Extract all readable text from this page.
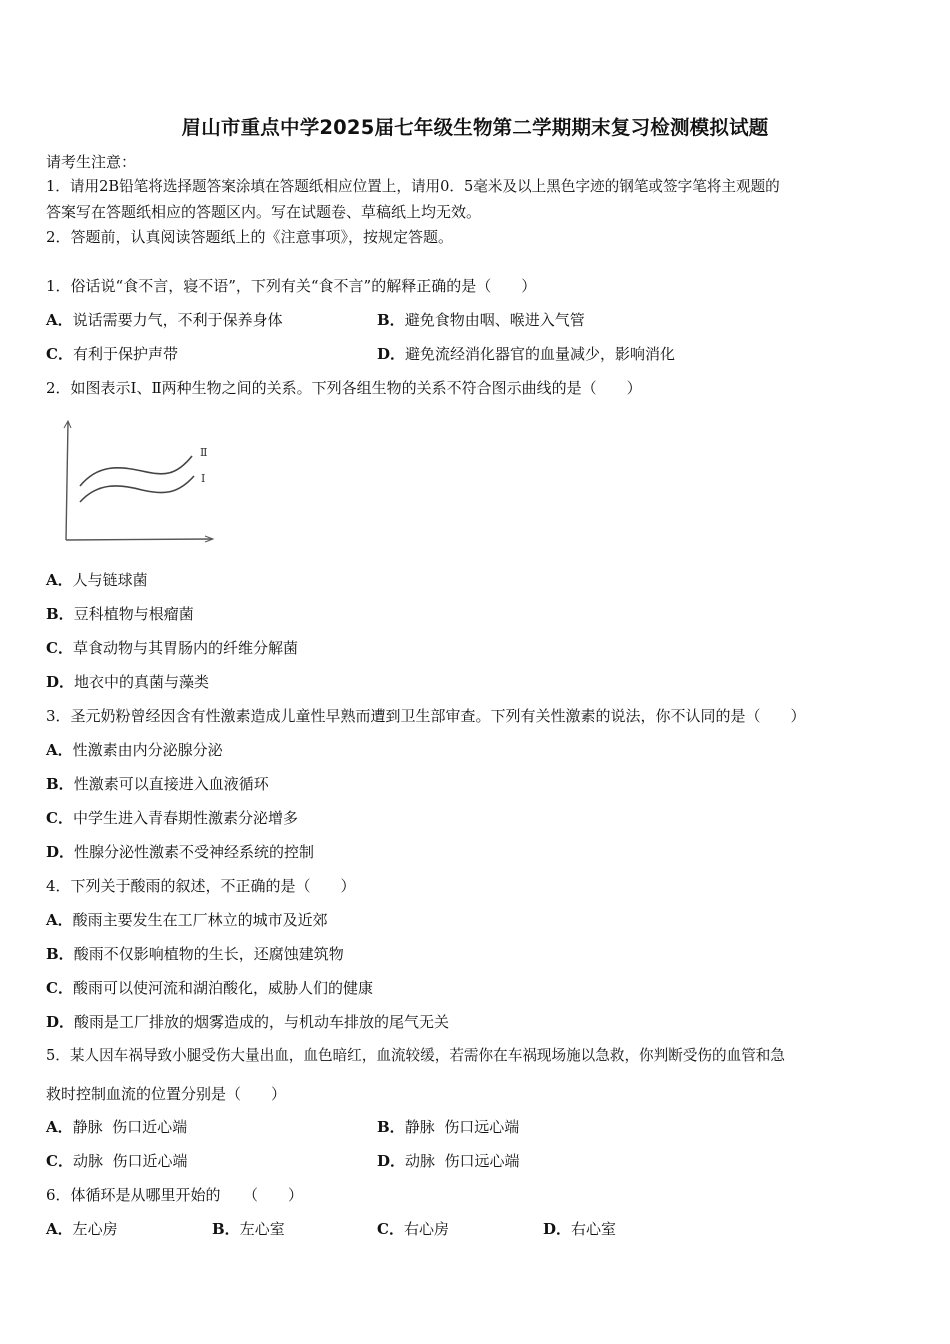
眉山市重点中学2025届七年级生物第二学期期末复习检测模拟试题
请考生注意：
1．请用2B铅笔将选择题答案涂填在答题纸相应位置上，请用0．5毫米及以上黑色字迹的钢笔或签字笔将主观题的
答案写在答题纸相应的答题区内。写在试题卷、草稿纸上均无效。
2．答题前，认真阅读答题纸上的《注意事项》，按规定答题。
1．俗话说“食不言，寝不语”，下列有关“食不言”的解释正确的是（　　）
A．说话需要力气，不利于保养身体	B．避免食物由咽、喉进入气管
C．有利于保护声带	D．避免流经消化器官的血量减少，影响消化
2．如图表示Ⅰ、Ⅱ两种生物之间的关系。下列各组生物的关系不符合图示曲线的是（　　）
Ⅱ
Ⅰ
A．人与链球菌
B．豆科植物与根瘤菌
C．草食动物与其胃肠内的纤维分解菌
D．地衣中的真菌与藻类
3．圣元奶粉曾经因含有性激素造成儿童性早熟而遭到卫生部审查。下列有关性激素的说法，你不认同的是（　　）
A．性激素由内分泌腺分泌
B．性激素可以直接进入血液循环
C．中学生进入青春期性激素分泌增多
D．性腺分泌性激素不受神经系统的控制
4．下列关于酸雨的叙述，不正确的是（　　）
A．酸雨主要发生在工厂林立的城市及近郊
B．酸雨不仅影响植物的生长，还腐蚀建筑物
C．酸雨可以使河流和湖泊酸化，威胁人们的健康
D．酸雨是工厂排放的烟雾造成的，与机动车排放的尾气无关
5．某人因车祸导致小腿受伤大量出血，血色暗红，血流较缓，若需你在车祸现场施以急救，你判断受伤的血管和急
救时控制血流的位置分别是（　　）
A．静脉  伤口近心端	B．静脉  伤口远心端
C．动脉  伤口近心端	D．动脉  伤口远心端
6．体循环是从哪里开始的　　（　　）
A．左心房	B．左心室	C．右心房	D．右心室
